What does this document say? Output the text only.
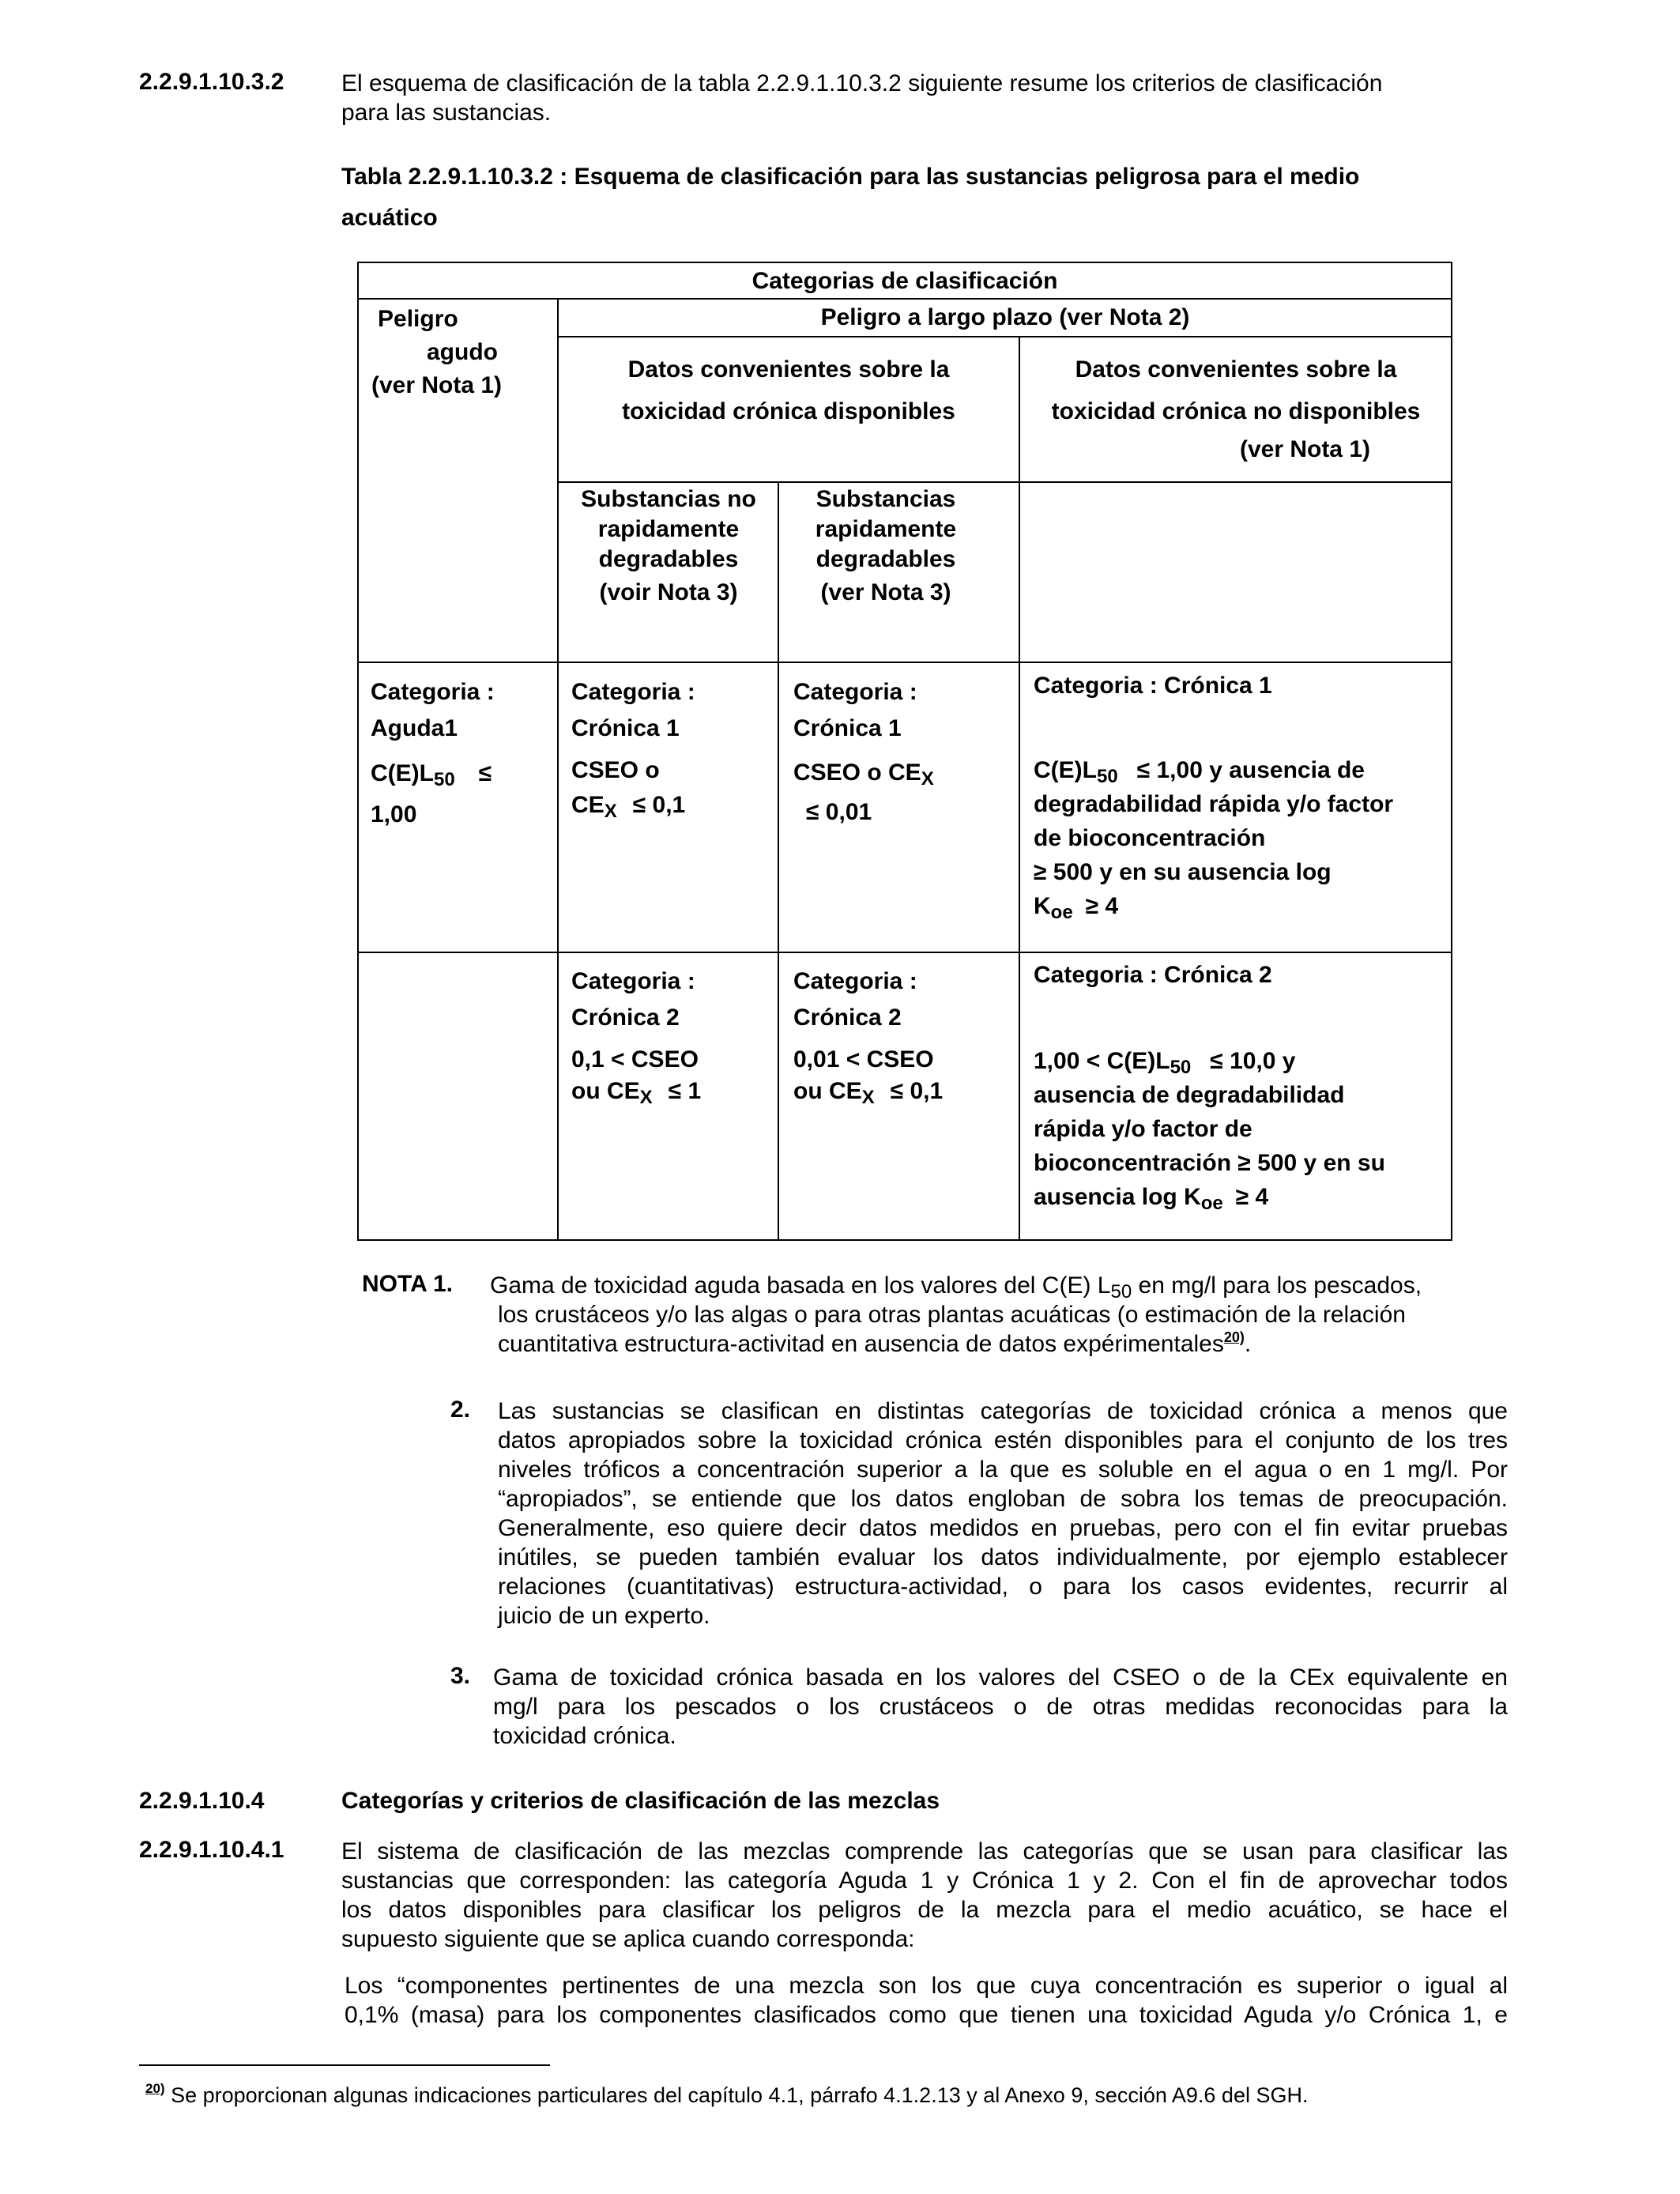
2.2.9.1.10.3.2 El esquema de clasificación de la tabla 2.2.9.1.10.3.2 siguiente resume los criterios de clasificación
para las sustancias.
Tabla 2.2.9.1.10.3.2 : Esquema de clasificación para las sustancias peligrosa para el medio
acuático
Categorias de clasificación
Peligro
agudo
(ver Nota 1)
Peligro a largo plazo (ver Nota 2)
Datos convenientes sobre la
toxicidad crónica disponibles
Datos convenientes sobre la
toxicidad crónica no disponibles
(ver Nota 1)
Substancias no
rapidamente
degradables
(voir Nota 3)
Substancias
rapidamente
degradables
(ver Nota 3)
Categoria :
Aguda1
Categoria :
Crónica 1
Categoria :
Crónica 1
Categoria : Crónica 1
$C(E)L_{50}$ ≤
1,00
CSEO o
$CE_X \le 0,1$
CSEO o $CE_X$
≤ 0,01
$C(E)L_{50} \le 1,00$ y ausencia de
degradabilidad rápida y/o factor
de bioconcentración
≥ 500 y en su ausencia log
$K_{oe} \ge 4$
Categoria :
Crónica 2
Categoria :
Crónica 2
Categoria : Crónica 2
0,1 < CSEO
ou $CE_X \le 1$
0,01 < CSEO
ou $CE_X \le 0,1$
$1,00 < C(E)L_{50} \le 10,0$ y
ausencia de degradabilidad
rápida y/o factor de
bioconcentración ≥ 500 y en su
ausencia $\log K_{oe} \ge 4$
NOTA 1. Gama de toxicidad aguda basada en los valores del C(E) $L_{50}$ en mg/l para los pescados,
los crustáceos y/o las algas o para otras plantas acuáticas (o estimación de la relación
cuantitativa estructura-activitad en ausencia de datos expérimentales$^{20)}$.
2. Las sustancias se clasifican en distintas categorías de toxicidad crónica a menos que
datos apropiados sobre la toxicidad crónica estén disponibles para el conjunto de los tres
niveles tróficos a concentración superior a la que es soluble en el agua o en 1 mg/l. Por
“apropiados”, se entiende que los datos engloban de sobra los temas de preocupación.
Generalmente, eso quiere decir datos medidos en pruebas, pero con el fin evitar pruebas
inútiles, se pueden también evaluar los datos individualmente, por ejemplo establecer
relaciones (cuantitativas) estructura-actividad, o para los casos evidentes, recurrir al
juicio de un experto.
3. Gama de toxicidad crónica basada en los valores del CSEO o de la CEx equivalente en
mg/l para los pescados o los crustáceos o de otras medidas reconocidas para la
toxicidad crónica.
2.2.9.1.10.4	Categorías y criterios de clasificación de las mezclas
2.2.9.1.10.4.1 El sistema de clasificación de las mezclas comprende las categorías que se usan para clasificar las
sustancias que corresponden: las categoría Aguda 1 y Crónica 1 y 2. Con el fin de aprovechar todos
los datos disponibles para clasificar los peligros de la mezcla para el medio acuático, se hace el
supuesto siguiente que se aplica cuando corresponda:
Los “componentes pertinentes de una mezcla son los que cuya concentración es superior o igual al
0,1% (masa) para los componentes clasificados como que tienen una toxicidad Aguda y/o Crónica 1, e
$^{20)}$ Se proporcionan algunas indicaciones particulares del capítulo 4.1, párrafo 4.1.2.13 y al Anexo 9, sección A9.6 del SGH.
